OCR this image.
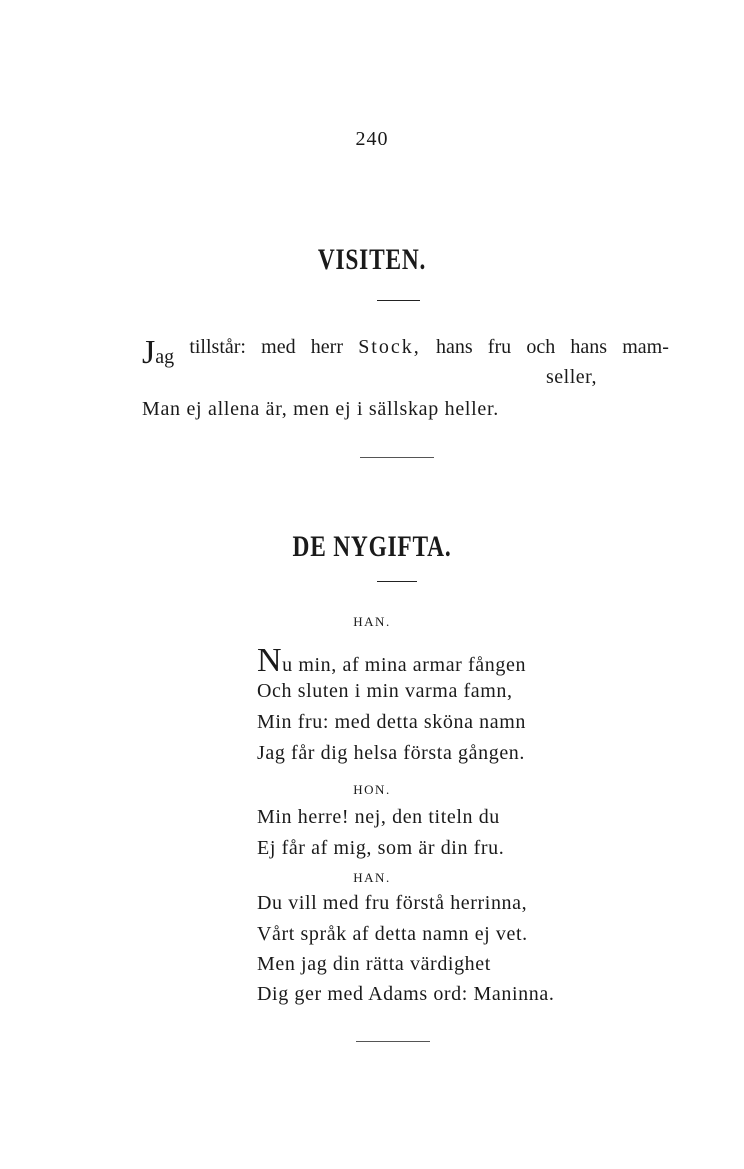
240
VISITEN.
Jag tillstår: med herr Stock, hans fru och hans mam-
seller,
Man ej allena är, men ej i sällskap heller.
DE NYGIFTA.
HAN.
Nu min, af mina armar fången
Och sluten i min varma famn,
Min fru: med detta sköna namn
Jag får dig helsa första gången.
HON.
Min herre! nej, den titeln du
Ej får af mig, som är din fru.
HAN.
Du vill med fru förstå herrinna,
Vårt språk af detta namn ej vet.
Men jag din rätta värdighet
Dig ger med Adams ord: Maninna.
